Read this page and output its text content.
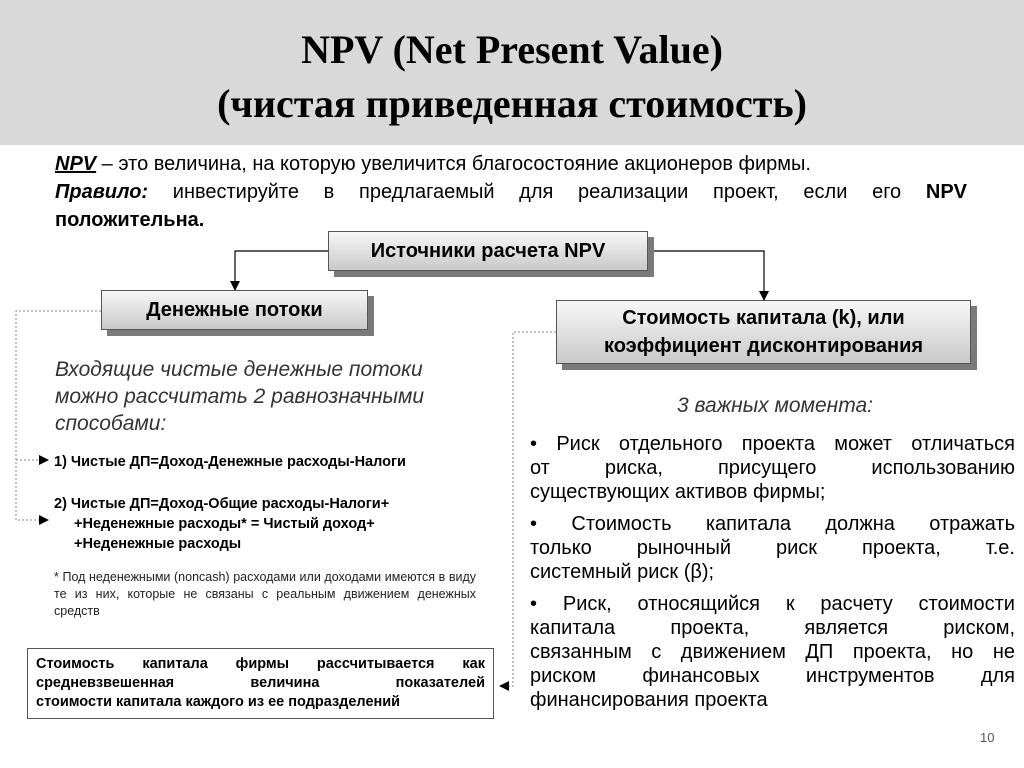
NPV (Net Present Value)
(чистая приведенная стоимость)
NPV – это величина, на которую увеличится благосостояние акционеров фирмы.
Правило: инвестируйте в предлагаемый для реализации проект, если его NPV
положительна.
Источники расчета NPV
Денежные потоки	Стоимость капитала (k), или
коэффициент дисконтирования
Входящие чистые денежные потоки
можно рассчитать 2 равнозначными
способами:
1) Чистые ДП=Доход-Денежные расходы-Налоги
2) Чистые ДП=Доход-Общие расходы-Налоги+
+Неденежные расходы* = Чистый доход+
+Неденежные расходы
* Под неденежными (noncash) расходами или доходами имеются в виду те из них, которые не связаны с реальным движением денежных средств
Стоимость капитала фирмы рассчитывается как
средневзвешенная величина показателей
стоимости капитала каждого из ее подразделений
3 важных момента:
• Риск отдельного проекта может отличаться
от риска, присущего использованию
существующих активов фирмы;
• Стоимость капитала должна отражать
только рыночный риск проекта, т.е.
системный риск (β);
• Риск, относящийся к расчету стоимости
капитала проекта, является риском,
связанным с движением ДП проекта, но не
риском финансовых инструментов для
финансирования проекта
10
